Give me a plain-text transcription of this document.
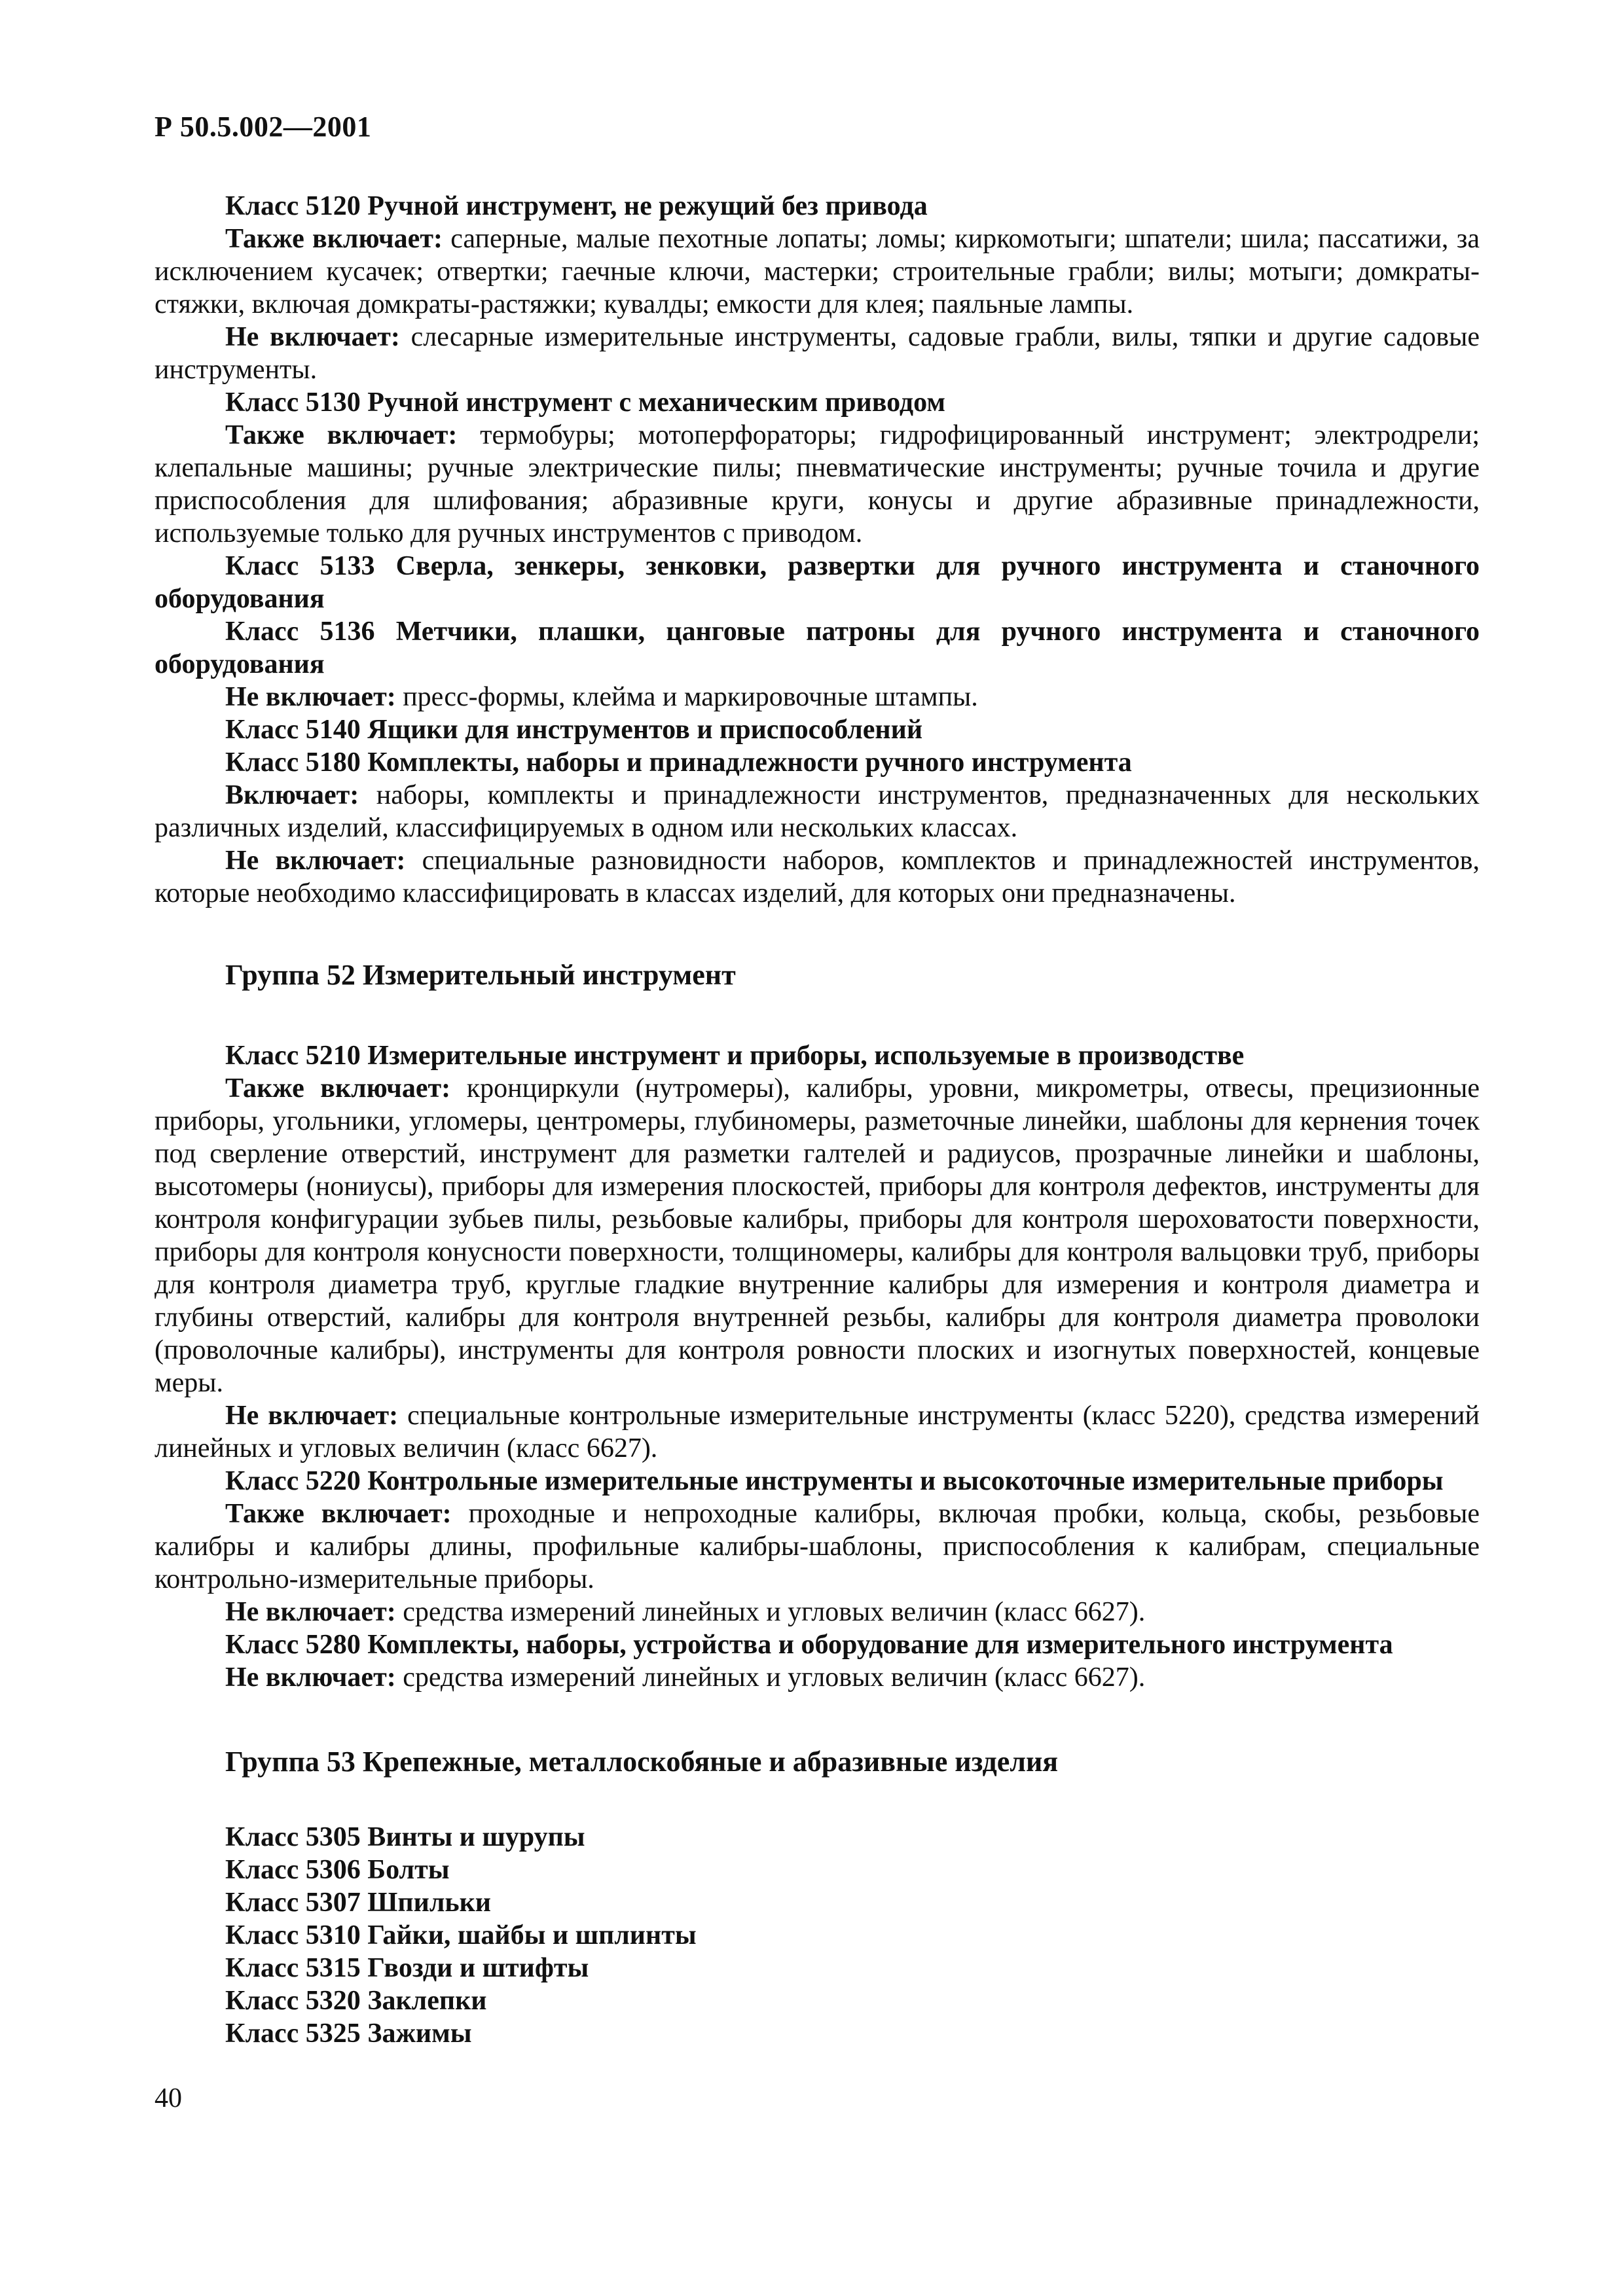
Р 50.5.002—2001

Класс 5120 Ручной инструмент, не режущий без привода

Также включает: саперные, малые пехотные лопаты; ломы; киркомотыги; шпатели; шила; пассатижи, за исключением кусачек; отвертки; гаечные ключи, мастерки; строительные грабли; вилы; мотыги; домкраты-стяжки, включая домкраты-растяжки; кувалды; емкости для клея; паяльные лампы.

Не включает: слесарные измерительные инструменты, садовые грабли, вилы, тяпки и другие садовые инструменты.

Класс 5130 Ручной инструмент с механическим приводом

Также включает: термобуры; мотоперфораторы; гидрофицированный инструмент; электродрели; клепальные машины; ручные электрические пилы; пневматические инструменты; ручные точила и другие приспособления для шлифования; абразивные круги, конусы и другие абразивные принадлежности, используемые только для ручных инструментов с приводом.

Класс 5133 Сверла, зенкеры, зенковки, развертки для ручного инструмента и станочного оборудования

Класс 5136 Метчики, плашки, цанговые патроны для ручного инструмента и станочного оборудования

Не включает: пресс-формы, клейма и маркировочные штампы.

Класс 5140 Ящики для инструментов и приспособлений

Класс 5180 Комплекты, наборы и принадлежности ручного инструмента

Включает: наборы, комплекты и принадлежности инструментов, предназначенных для нескольких различных изделий, классифицируемых в одном или нескольких классах.

Не включает: специальные разновидности наборов, комплектов и принадлежностей инструментов, которые необходимо классифицировать в классах изделий, для которых они предназначены.

Группа 52 Измерительный инструмент

Класс 5210 Измерительные инструмент и приборы, используемые в производстве

Также включает: кронциркули (нутромеры), калибры, уровни, микрометры, отвесы, прецизионные приборы, угольники, угломеры, центромеры, глубиномеры, разметочные линейки, шаблоны для кернения точек под сверление отверстий, инструмент для разметки галтелей и радиусов, прозрачные линейки и шаблоны, высотомеры (нониусы), приборы для измерения плоскостей, приборы для контроля дефектов, инструменты для контроля конфигурации зубьев пилы, резьбовые калибры, приборы для контроля шероховатости поверхности, приборы для контроля конусности поверхности, толщиномеры, калибры для контроля вальцовки труб, приборы для контроля диаметра труб, круглые гладкие внутренние калибры для измерения и контроля диаметра и глубины отверстий, калибры для контроля внутренней резьбы, калибры для контроля диаметра проволоки (проволочные калибры), инструменты для контроля ровности плоских и изогнутых поверхностей, концевые меры.

Не включает: специальные контрольные измерительные инструменты (класс 5220), средства измерений линейных и угловых величин (класс 6627).

Класс 5220 Контрольные измерительные инструменты и высокоточные измерительные приборы

Также включает: проходные и непроходные калибры, включая пробки, кольца, скобы, резьбовые калибры и калибры длины, профильные калибры-шаблоны, приспособления к калибрам, специальные контрольно-измерительные приборы.

Не включает: средства измерений линейных и угловых величин (класс 6627).

Класс 5280 Комплекты, наборы, устройства и оборудование для измерительного инструмента

Не включает: средства измерений линейных и угловых величин (класс 6627).

Группа 53 Крепежные, металлоскобяные и абразивные изделия

Класс 5305 Винты и шурупы

Класс 5306 Болты

Класс 5307 Шпильки

Класс 5310 Гайки, шайбы и шплинты

Класс 5315 Гвозди и штифты

Класс 5320 Заклепки

Класс 5325 Зажимы

40
